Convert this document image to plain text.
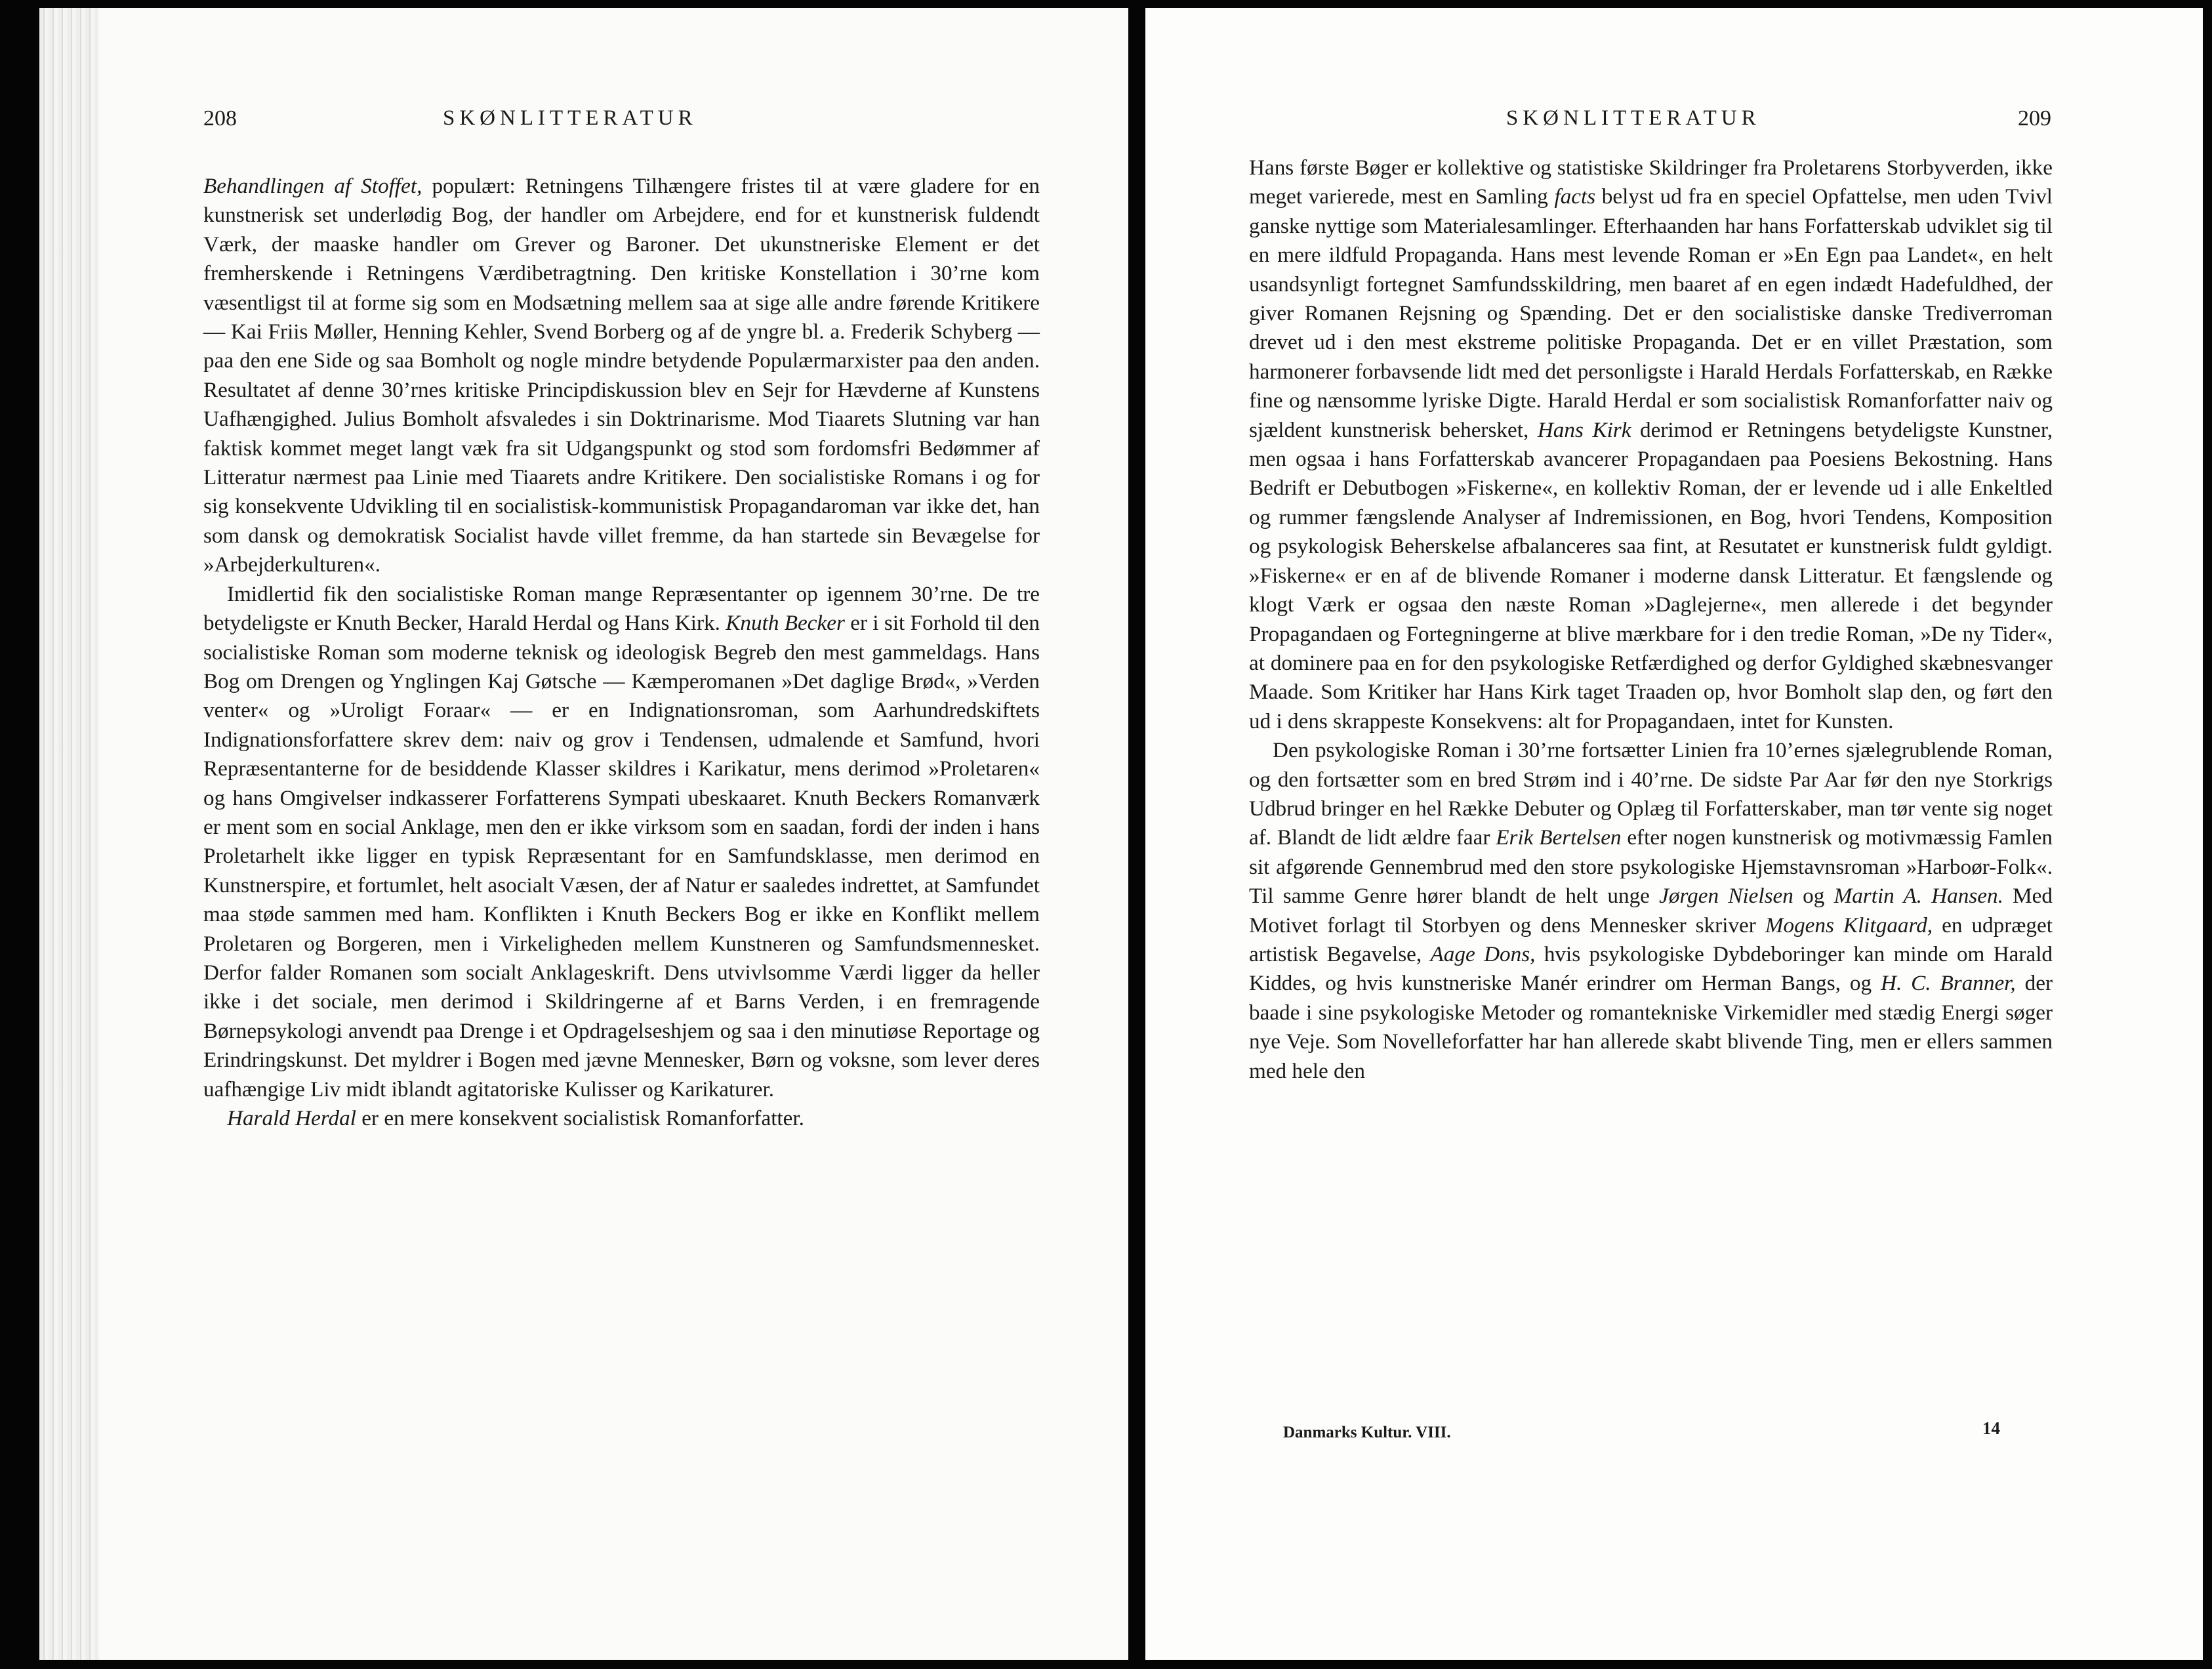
208	SKØNLITTERATUR

Behandlingen af Stoffet, populært: Retningens Tilhængere fristes til at være gladere for en kunstnerisk set underlødig Bog, der handler om Arbejdere, end for et kunstnerisk fuldendt Værk, der maaske handler om Grever og Baroner. Det ukunstneriske Element er det fremherskende i Retningens Værdibetragtning. Den kritiske Konstellation i 30’rne kom væsentligst til at forme sig som en Modsætning mellem saa at sige alle andre førende Kritikere — Kai Friis Møller, Henning Kehler, Svend Borberg og af de yngre bl. a. Frederik Schyberg — paa den ene Side og saa Bomholt og nogle mindre betydende Populærmarxister paa den anden. Resultatet af denne 30’rnes kritiske Principdiskussion blev en Sejr for Hævderne af Kunstens Uafhængighed. Julius Bomholt afsvaledes i sin Doktrinarisme. Mod Tiaarets Slutning var han faktisk kommet meget langt væk fra sit Udgangspunkt og stod som fordomsfri Bedømmer af Litteratur nærmest paa Linie med Tiaarets andre Kritikere. Den socialistiske Romans i og for sig konsekvente Udvikling til en socialistisk-kommunistisk Propagandaroman var ikke det, han som dansk og demokratisk Socialist havde villet fremme, da han startede sin Bevægelse for »Arbejderkulturen«.

Imidlertid fik den socialistiske Roman mange Repræsentanter op igennem 30’rne. De tre betydeligste er Knuth Becker, Harald Herdal og Hans Kirk. Knuth Becker er i sit Forhold til den socialistiske Roman som moderne teknisk og ideologisk Begreb den mest gammeldags. Hans Bog om Drengen og Ynglingen Kaj Gøtsche — Kæmperomanen »Det daglige Brød«, »Verden venter« og »Uroligt Foraar« — er en Indignationsroman, som Aarhundredskiftets Indignationsforfattere skrev dem: naiv og grov i Tendensen, udmalende et Samfund, hvori Repræsentanterne for de besiddende Klasser skildres i Karikatur, mens derimod »Proletaren« og hans Omgivelser indkasserer Forfatterens Sympati ubeskaaret. Knuth Beckers Romanværk er ment som en social Anklage, men den er ikke virksom som en saadan, fordi der inden i hans Proletarhelt ikke ligger en typisk Repræsentant for en Samfundsklasse, men derimod en Kunstnerspire, et fortumlet, helt asocialt Væsen, der af Natur er saaledes indrettet, at Samfundet maa støde sammen med ham. Konflikten i Knuth Beckers Bog er ikke en Konflikt mellem Proletaren og Borgeren, men i Virkeligheden mellem Kunstneren og Samfundsmennesket. Derfor falder Romanen som socialt Anklageskrift. Dens utvivlsomme Værdi ligger da heller ikke i det sociale, men derimod i Skildringerne af et Barns Verden, i en fremragende Børnepsykologi anvendt paa Drenge i et Opdragelseshjem og saa i den minutiøse Reportage og Erindringskunst. Det myldrer i Bogen med jævne Mennesker, Børn og voksne, som lever deres uafhængige Liv midt iblandt agitatoriske Kulisser og Karikaturer.

Harald Herdal er en mere konsekvent socialistisk Romanforfatter.

SKØNLITTERATUR	209

Hans første Bøger er kollektive og statistiske Skildringer fra Proletarens Storbyverden, ikke meget varierede, mest en Samling facts belyst ud fra en speciel Opfattelse, men uden Tvivl ganske nyttige som Materialesamlinger. Efterhaanden har hans Forfatterskab udviklet sig til en mere ildfuld Propaganda. Hans mest levende Roman er »En Egn paa Landet«, en helt usandsynligt fortegnet Samfundsskildring, men baaret af en egen indædt Hadefuldhed, der giver Romanen Rejsning og Spænding. Det er den socialistiske danske Trediverroman drevet ud i den mest ekstreme politiske Propaganda. Det er en villet Præstation, som harmonerer forbavsende lidt med det personligste i Harald Herdals Forfatterskab, en Række fine og nænsomme lyriske Digte. Harald Herdal er som socialistisk Romanforfatter naiv og sjældent kunstnerisk behersket, Hans Kirk derimod er Retningens betydeligste Kunstner, men ogsaa i hans Forfatterskab avancerer Propagandaen paa Poesiens Bekostning. Hans Bedrift er Debutbogen »Fiskerne«, en kollektiv Roman, der er levende ud i alle Enkeltled og rummer fængslende Analyser af Indremissionen, en Bog, hvori Tendens, Komposition og psykologisk Beherskelse afbalanceres saa fint, at Resutatet er kunstnerisk fuldt gyldigt. »Fiskerne« er en af de blivende Romaner i moderne dansk Litteratur. Et fængslende og klogt Værk er ogsaa den næste Roman »Daglejerne«, men allerede i det begynder Propagandaen og Fortegningerne at blive mærkbare for i den tredie Roman, »De ny Tider«, at dominere paa en for den psykologiske Retfærdighed og derfor Gyldighed skæbnesvanger Maade. Som Kritiker har Hans Kirk taget Traaden op, hvor Bomholt slap den, og ført den ud i dens skrappeste Konsekvens: alt for Propagandaen, intet for Kunsten.

Den psykologiske Roman i 30’rne fortsætter Linien fra 10’ernes sjælegrublende Roman, og den fortsætter som en bred Strøm ind i 40’rne. De sidste Par Aar før den nye Storkrigs Udbrud bringer en hel Række Debuter og Oplæg til Forfatterskaber, man tør vente sig noget af. Blandt de lidt ældre faar Erik Bertelsen efter nogen kunstnerisk og motivmæssig Famlen sit afgørende Gennembrud med den store psykologiske Hjemstavnsroman »Harboør-Folk«. Til samme Genre hører blandt de helt unge Jørgen Nielsen og Martin A. Hansen. Med Motivet forlagt til Storbyen og dens Mennesker skriver Mogens Klitgaard, en udpræget artistisk Begavelse, Aage Dons, hvis psykologiske Dybdeboringer kan minde om Harald Kiddes, og hvis kunstneriske Manér erindrer om Herman Bangs, og H. C. Branner, der baade i sine psykologiske Metoder og romantekniske Virkemidler med stædig Energi søger nye Veje. Som Novelleforfatter har han allerede skabt blivende Ting, men er ellers sammen med hele den

Danmarks Kultur. VIII.	14
